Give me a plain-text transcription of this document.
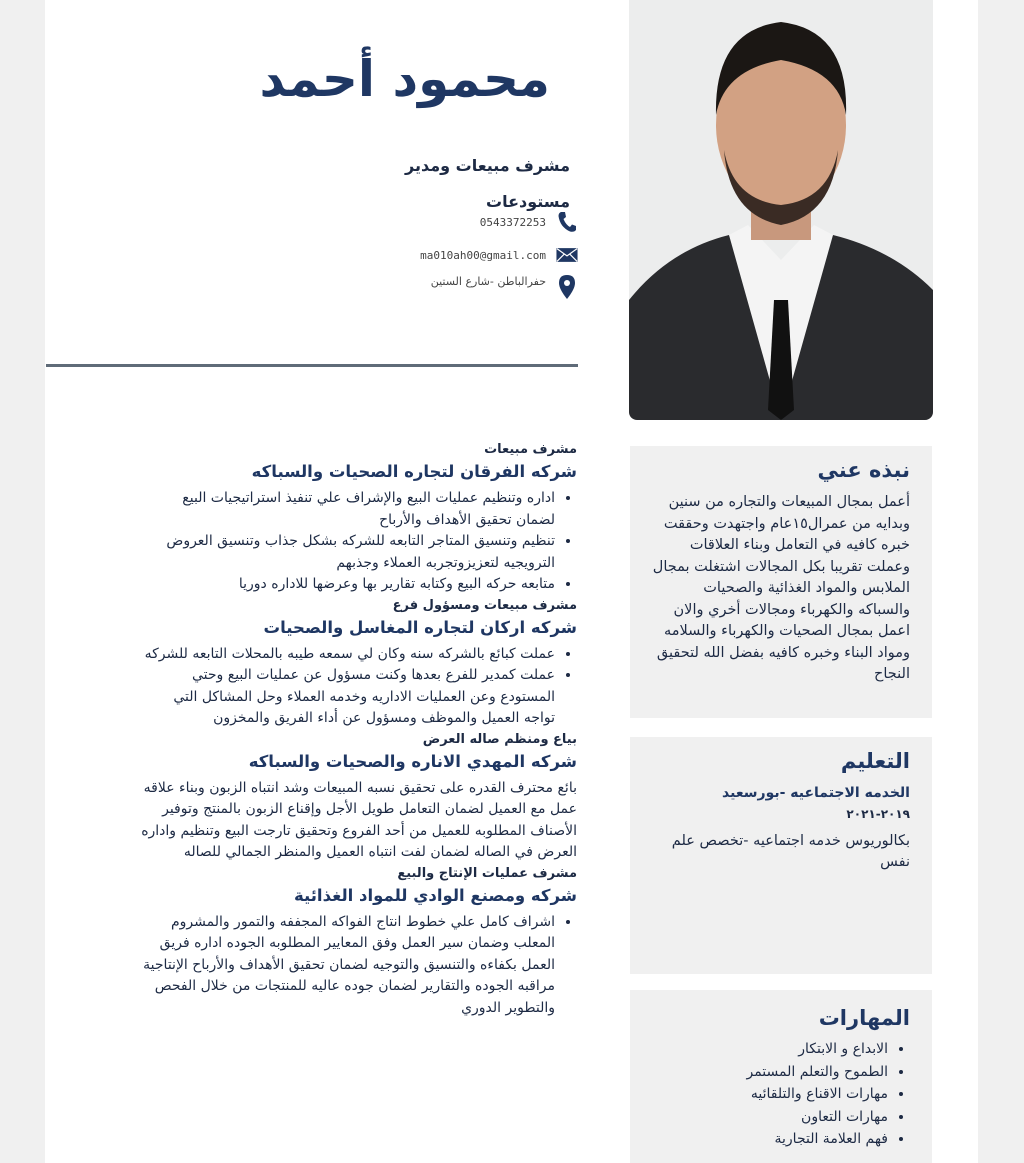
محمود أحمد
مشرف مبيعات ومدير
مستودعات
0543372253
ma010ah00@gmail.com
حفرالباطن -شارع الستين

مشرف مبيعات

شركه الفرقان لتجاره الصحيات والسباكه

• اداره وتنظيم عمليات البيع والإشراف علي تنفيذ استراتيجيات البيع لضمان تحقيق الأهداف والأرباح
• تنظيم وتنسيق المتاجر التابعه للشركه بشكل جذاب وتنسيق العروض الترويجيه لتعزيزوتجربه العملاء وجذبهم
• متابعه حركه البيع وكتابه تقارير بها وعرضها للاداره دوريا

مشرف مبيعات ومسؤول فرع

شركه اركان لتجاره المغاسل والصحيات

• عملت كبائع بالشركه سنه وكان لي سمعه طيبه بالمحلات التابعه للشركه
• عملت كمدير للفرع بعدها وكنت مسؤول عن عمليات البيع وحتي المستودع وعن العمليات الاداريه وخدمه العملاء وحل المشاكل التي تواجه العميل والموظف ومسؤول عن أداء الفريق والمخزون

بياع ومنظم صاله العرض

شركه المهدي الاناره والصحيات والسباكه

بائع محترف القدره على تحقيق نسبه المبيعات وشد انتباه الزبون وبناء علاقه عمل مع العميل لضمان التعامل طويل الأجل وإقناع الزبون بالمنتج وتوفير الأصناف المطلوبه للعميل من أحد الفروع وتحقيق تارجت البيع وتنظيم واداره العرض في الصاله لضمان لفت انتباه العميل والمنظر الجمالي للصاله

مشرف عمليات الإنتاج والبيع

شركه ومصنع الوادي للمواد الغذائية

• اشراف كامل علي خطوط انتاج الفواكه المجففه والتمور والمشروم المعلب وضمان سير العمل وفق المعايير المطلوبه الجوده اداره فريق العمل بكفاءه والتنسيق والتوجيه لضمان تحقيق الأهداف والأرباح الإنتاجية مراقبه الجوده والتقارير لضمان جوده عاليه للمنتجات من خلال الفحص والتطوير الدوري
نبذه عني

أعمل بمجال المبيعات والتجاره من سنين وبدايه من عمرال١٥عام واجتهدت وحققت خبره كافيه في التعامل وبناء العلاقات وعملت تقريبا بكل المجالات اشتغلت بمجال الملابس والمواد الغذائية والصحيات والسباكه والكهرباء ومجالات أخري والان اعمل بمجال الصحيات والكهرباء والسلامه ومواد البناء وخبره كافيه بفضل الله لتحقيق النجاح

التعليم
الخدمه الاجتماعيه -بورسعيد
٢٠١٩-٢٠٢١
بكالوريوس خدمه اجتماعيه -تخصص علم نفس
المهارات
• الابداع و الابتكار
• الطموح والتعلم المستمر
• مهارات الاقناع والتلقائيه
• مهارات التعاون
• فهم العلامة التجارية
